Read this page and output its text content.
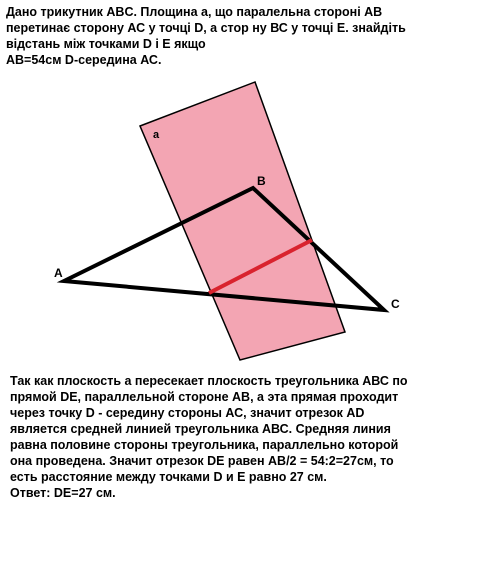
Дано трикутник ABC. Площина a, що паралельна стороні АВ
перетинає сторону АС у точці D, а стор ну ВС у точці Е. знайдіть
відстань між точками D i E якщо
АВ=54см D-середина АС.
a
A
B
C
Так как плоскость а пересекает плоскость треугольника АВС по
прямой DE, параллельной стороне АВ, а эта прямая проходит
через точку D - середину стороны АС, значит отрезок AD
является средней линией треугольника АВС. Средняя линия
равна половине стороны треугольника, параллельно которой
она проведена. Значит отрезок DE равен АВ/2 = 54:2=27см, то
есть расстояние между точками D и E равно 27 см.
Ответ: DE=27 см.
